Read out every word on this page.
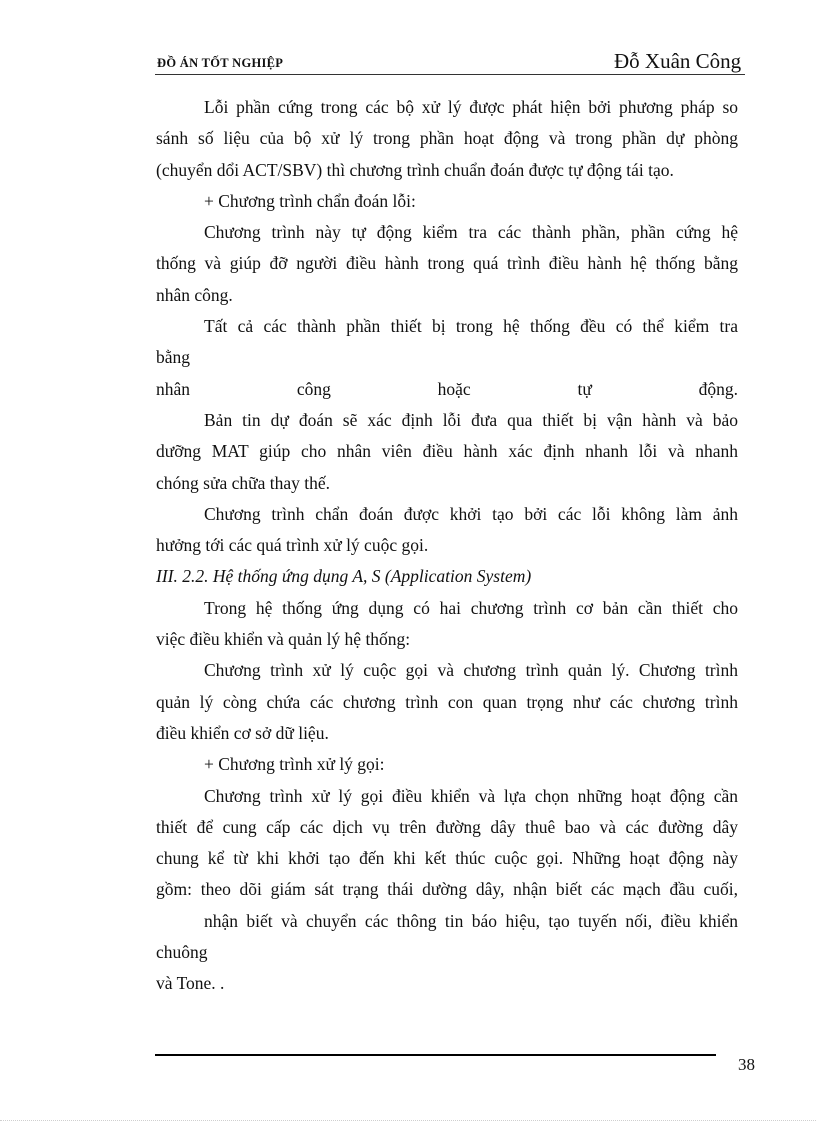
ĐỒ ÁN TỐT NGHIỆP	Đỗ Xuân Công
Lỗi phần cứng trong các bộ xử lý được phát hiện bởi phương pháp so
sánh số liệu của bộ xử lý trong phần hoạt động và trong phần dự phòng
(chuyển dổi ACT/SBV) thì chương trình chuẩn đoán được tự động tái tạo.
+ Chương trình chẩn đoán lỗi:
Chương trình này tự động kiểm tra các thành phần, phần cứng hệ
thống và giúp đỡ người điều hành trong quá trình điều hành hệ thống bằng
nhân công.
Tất cả các thành phần thiết bị trong hệ thống đều có thể kiểm tra
bằng
nhân công hoặc tự động.
Bản tin dự đoán sẽ xác định lỗi đưa qua thiết bị vận hành và bảo
dưỡng MAT giúp cho nhân viên điều hành xác định nhanh lỗi và nhanh
chóng sửa chữa thay thế.
Chương trình chẩn đoán được khởi tạo bởi các lỗi không làm ảnh
hưởng tới các quá trình xử lý cuộc gọi.
III. 2.2. Hệ thống ứng dụng A, S (Application System)
Trong hệ thống ứng dụng có hai chương trình cơ bản cần thiết cho
việc điều khiển và quản lý hệ thống:
Chương trình xử lý cuộc gọi và chương trình quản lý. Chương trình
quản lý còng chứa các chương trình con quan trọng như các chương trình
điều khiển cơ sở dữ liệu.
+ Chương trình xử lý gọi:
Chương trình xử lý gọi điều khiển và lựa chọn những hoạt động cần
thiết để cung cấp các dịch vụ trên đường dây thuê bao và các đường dây
chung kể từ khi khởi tạo đến khi kết thúc cuộc gọi. Những hoạt động này
gồm: theo dõi giám sát trạng thái dường dây, nhận biết các mạch đầu cuối,
nhận biết và chuyển các thông tin báo hiệu, tạo tuyến nối, điều khiển
chuông
và Tone. .
38
